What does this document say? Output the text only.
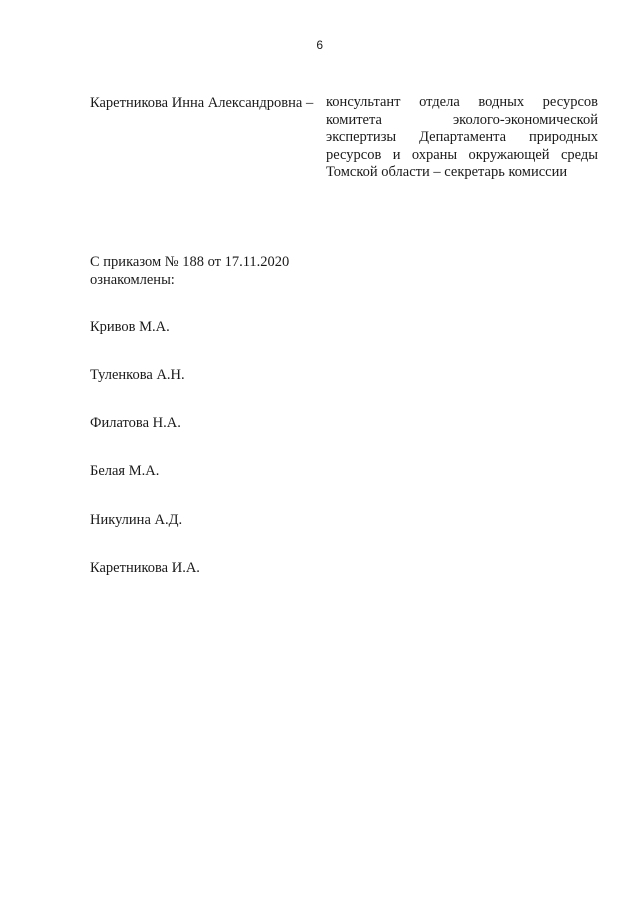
6
Каретникова Инна Александровна – консультант отдела водных ресурсов
комитета эколого-экономической
экспертизы Департамента природных
ресурсов и охраны окружающей среды
Томской области – секретарь комиссии
С приказом № 188 от 17.11.2020
ознакомлены:
Кривов М.А.
Туленкова А.Н.
Филатова Н.А.
Белая М.А.
Никулина А.Д.
Каретникова И.А.
